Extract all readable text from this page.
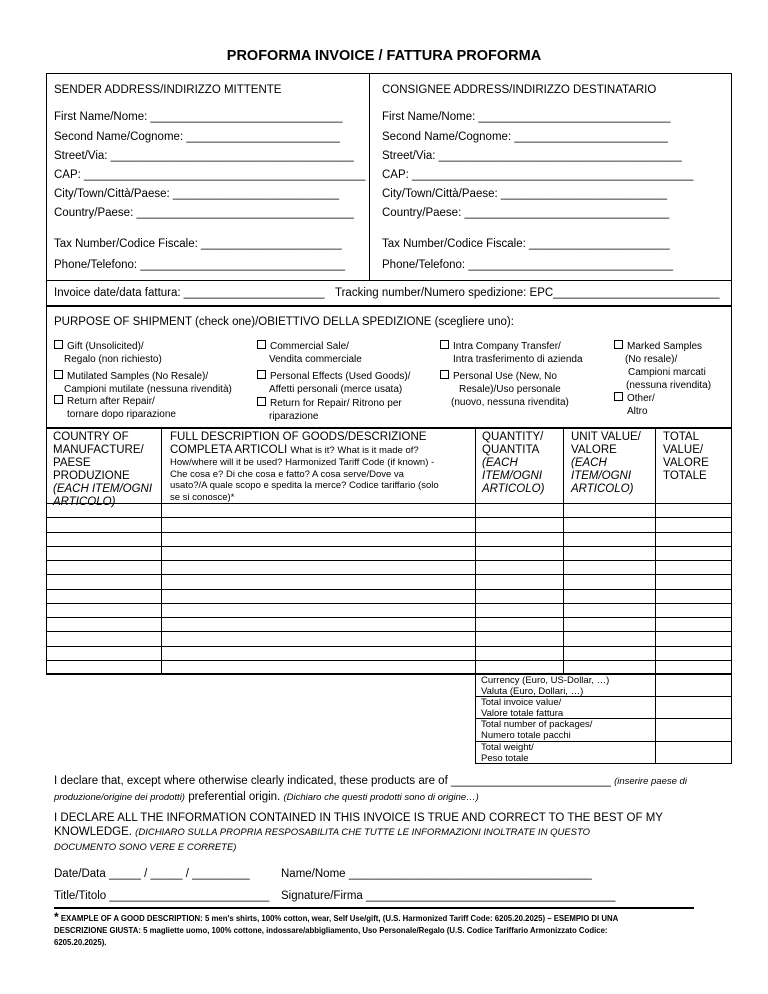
PROFORMA INVOICE / FATTURA PROFORMA
SENDER ADDRESS/INDIRIZZO MITTENTE
First Name/Nome: ______________________________
Second Name/Cognome: ________________________
Street/Via: ______________________________________
CAP: ____________________________________________
City/Town/Città/Paese: __________________________
Country/Paese: __________________________________
Tax Number/Codice Fiscale: ______________________
Phone/Telefono: ________________________________
CONSIGNEE ADDRESS/INDIRIZZO DESTINATARIO
First Name/Nome: ______________________________
Second Name/Cognome: ________________________
Street/Via: ______________________________________
CAP: ____________________________________________
City/Town/Città/Paese: __________________________
Country/Paese: ________________________________
Tax Number/Codice Fiscale: ______________________
Phone/Telefono: ________________________________
Invoice date/data fattura: ______________________ Tracking number/Numero spedizione: EPC__________________________
PURPOSE OF SHIPMENT (check one)/OBIETTIVO DELLA SPEDIZIONE (scegliere uno):
Gift (Unsolicited)/
Regalo (non richiesto)
Mutilated Samples (No Resale)/
Campioni mutilate (nessuna rivendità)
Return after Repair/
tornare dopo riparazione
Commercial Sale/
Vendita commerciale
Personal Effects (Used Goods)/
Affetti personali (merce usata)
Return for Repair/ Ritrono per
riparazione
Intra Company Transfer/
Intra trasferimento di azienda
Personal Use (New, No
Resale)/Uso personale
(nuovo, nessuna rivendita)
Marked Samples
(No resale)/
Campioni marcati
(nessuna rivendita)
Other/
Altro
COUNTRY OF
MANUFACTURE/
PAESE
PRODUZIONE
(EACH ITEM/OGNI
ARTICOLO)
FULL DESCRIPTION OF GOODS/DESCRIZIONE
COMPLETA ARTICOLI What is it? What is it made of?
How/where will it be used? Harmonized Tariff Code (if known) -
Che cosa e? Di che cosa e fatto? A cosa serve/Dove va
usato?/A quale scopo e spedita la merce? Codice tariffario (solo
se si conosce)*
QUANTITY/
QUANTITA
(EACH
ITEM/OGNI
ARTICOLO)
UNIT VALUE/
VALORE
(EACH
ITEM/OGNI
ARTICOLO)
TOTAL
VALUE/
VALORE
TOTALE
Currency (Euro, US-Dollar, …)
Valuta (Euro, Dollari, …)
Total invoice value/
Valore totale fattura
Total number of packages/
Numero totale pacchi
Total weight/
Peso totale
I declare that, except where otherwise clearly indicated, these products are of _________________________ (inserire paese di
produzione/origine dei prodotti) preferential origin. (Dichiaro che questi prodotti sono di origine…)
I DECLARE ALL THE INFORMATION CONTAINED IN THIS INVOICE IS TRUE AND CORRECT TO THE BEST OF MY
KNOWLEDGE. (DICHIARO SULLA PROPRIA RESPOSABILITA CHE TUTTE LE INFORMAZIONI INOLTRATE IN QUESTO
DOCUMENTO SONO VERE E CORRETE)
Date/Data _____ / _____ / _________	Name/Nome ______________________________________
Title/Titolo _________________________ Signature/Firma _______________________________________
* EXAMPLE OF A GOOD DESCRIPTION: 5 men's shirts, 100% cotton, wear, Self Use/gift, (U.S. Harmonized Tariff Code: 6205.20.2025) – ESEMPIO DI UNA
DESCRIZIONE GIUSTA: 5 magliette uomo, 100% cottone, indossare/abbigliamento, Uso Personale/Regalo (U.S. Codice Tariffario Armonizzato Codice:
6205.20.2025).
